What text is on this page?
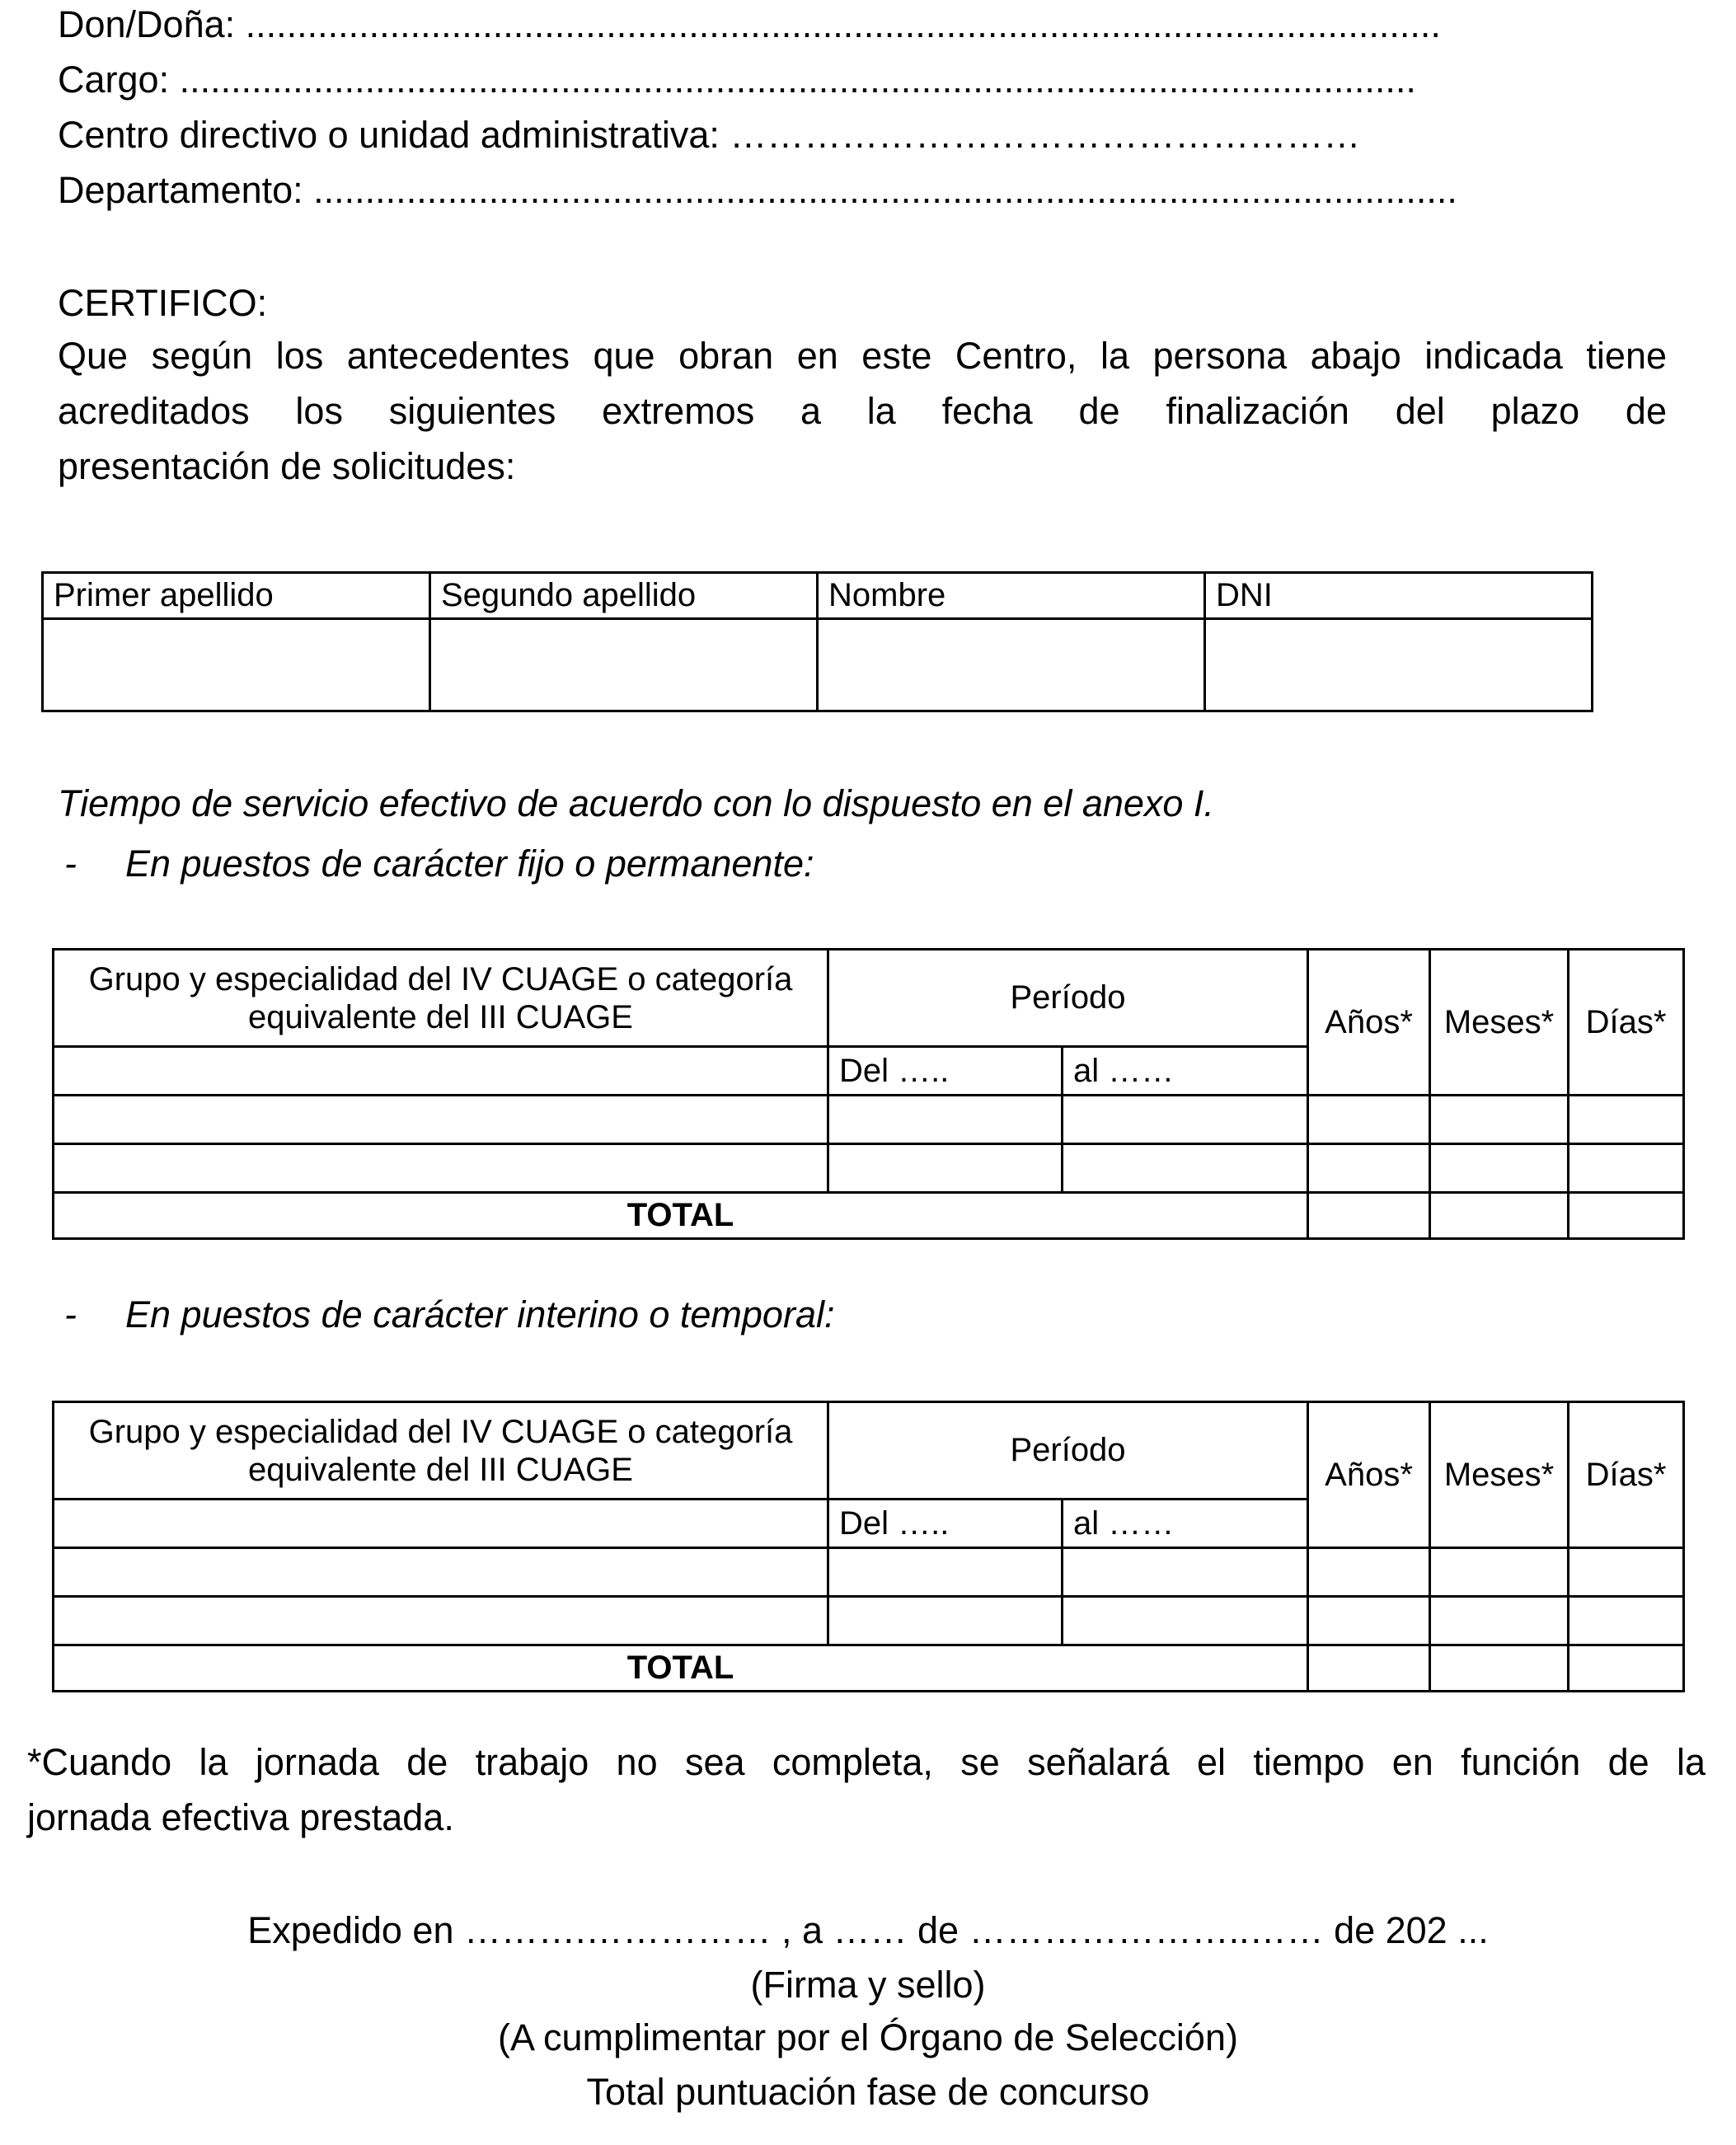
Don/Doña: ....................................................................................................................
Cargo: ........................................................................................................................
Centro directivo o unidad administrativa: ……………………………………………
Departamento: ...............................................................................................................
CERTIFICO:
Que según los antecedentes que obran en este Centro, la persona abajo indicada tiene
acreditados los siguientes extremos a la fecha de finalización del plazo de
presentación de solicitudes:
Primer apellido	Segundo apellido	Nombre	DNI

Tiempo de servicio efectivo de acuerdo con lo dispuesto en el anexo I.
- En puestos de carácter fijo o permanente:
Grupo y especialidad del IV CUAGE o categoría
equivalente del III CUAGE	Período		Años*	Meses*	Días*
	Del …..	al ……			

TOTAL					
- En puestos de carácter interino o temporal:
Grupo y especialidad del IV CUAGE o categoría
equivalente del III CUAGE	Período		Años*	Meses*	Días*
	Del …..	al ……			

TOTAL					
*Cuando la jornada de trabajo no sea completa, se señalará el tiempo en función de la
jornada efectiva prestada.
Expedido en ……….…………… , a …… de …………………..…… de 202 ...
(Firma y sello)
(A cumplimentar por el Órgano de Selección)
Total puntuación fase de concurso
